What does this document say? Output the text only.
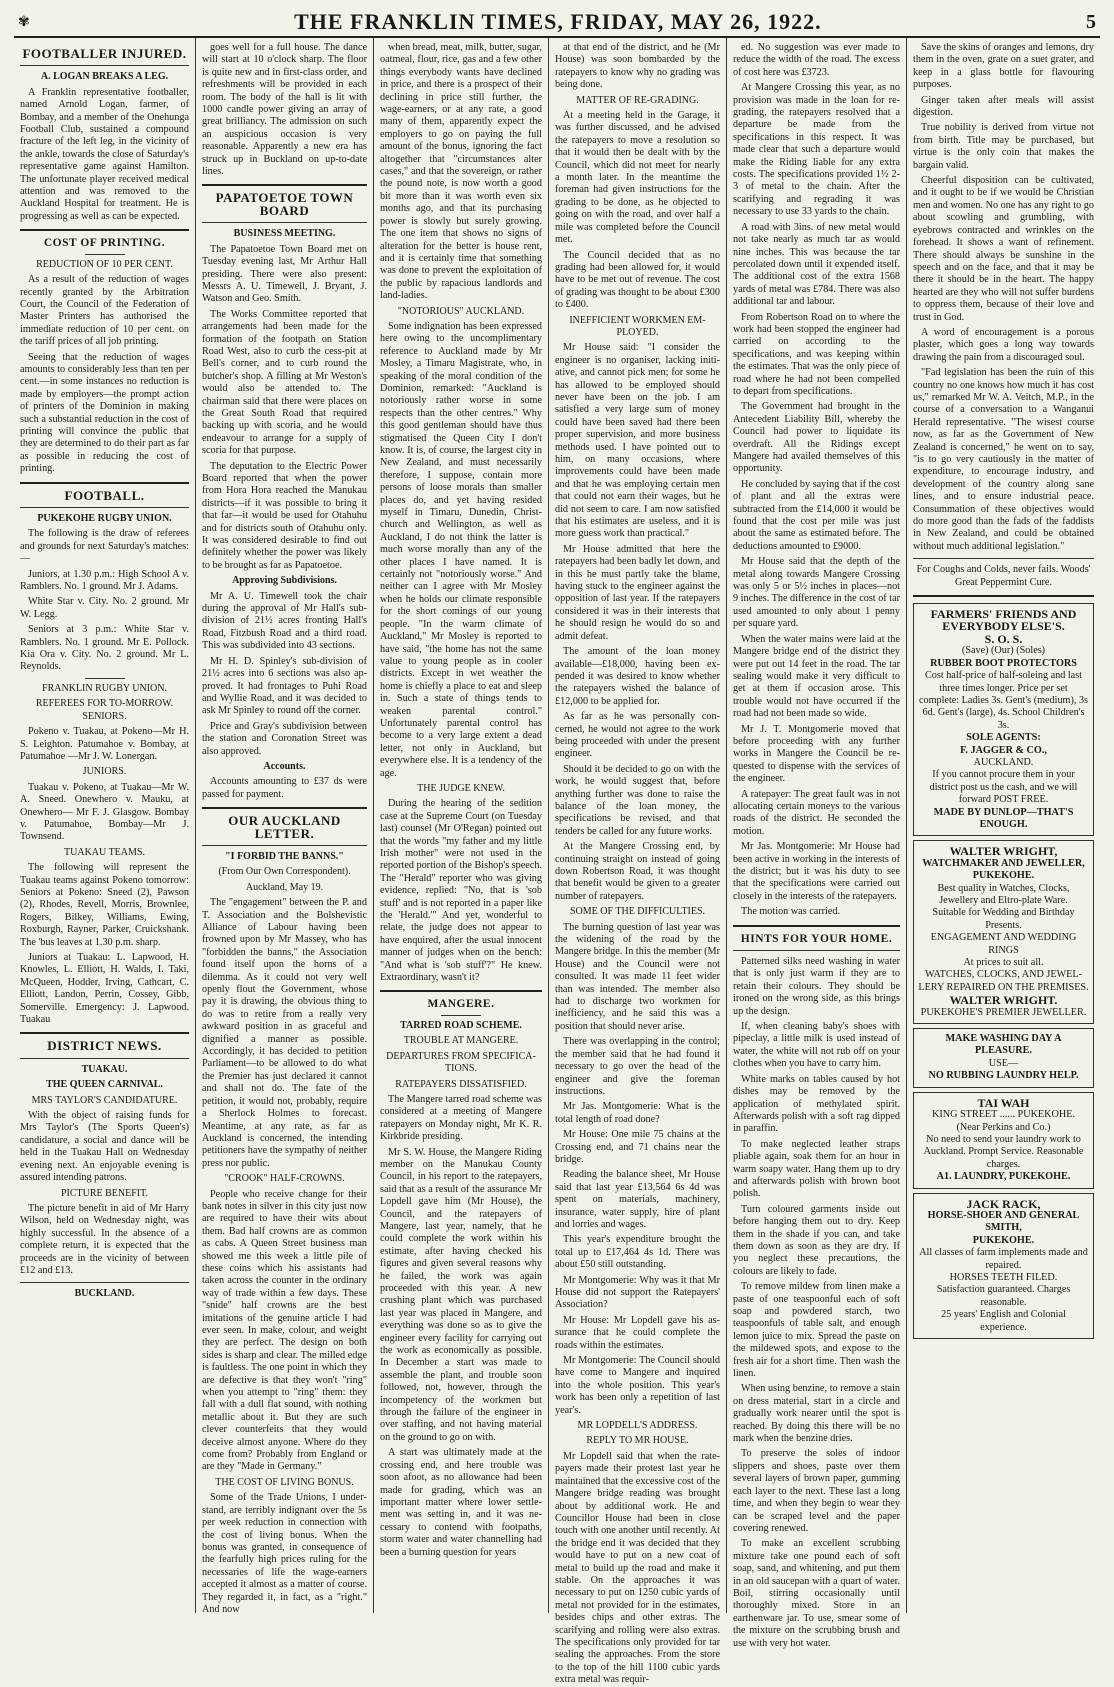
✾	THE FRANKLIN TIMES, FRIDAY, MAY 26, 1922.	5
FOOTBALLER INJURED.
A. LOGAN BREAKS A LEG.

A Franklin representative footballer, named Arnold Logan, farmer, of Bombay, and a member of the Onehunga Football Club, sustained a compound fracture of the left leg, in the vicinity of the ankle, towards the close of Saturday's representative game against Hamilton. The unfortunate player received medical attention and was removed to the Auckland Hospital for treatment. He is progressing as well as can be expected.

COST OF PRINTING.
REDUCTION OF 10 PER CENT.

As a result of the reduction of wages recently granted by the Arbitration Court, the Council of the Federation of Master Printers has authorised the immediate reduction of 10 per cent. on the tariff prices of all job printing.

Seeing that the reduction of wages amounts to considerably less than ten per cent.—in some instances no reduction is made by employers—the prompt action of printers of the Dominion in making such a substantial reduction in the cost of printing will convince the public that they are determined to do their part as far as possible in reducing the cost of printing.

FOOTBALL.
PUKEKOHE RUGBY UNION.

The following is the draw of referees and grounds for next Saturday's matches:—

Juniors, at 1.30 p.m.: High School A v. Ramblers. No. 1 ground. Mr J. Adams.

White Star v. City. No. 2 ground. Mr W. Legg.

Seniors at 3 p.m.: White Star v. Ramblers. No. 1 ground. Mr E. Pollock. Kia Ora v. City. No. 2 ground. Mr L. Reynolds.

FRANKLIN RUGBY UNION.
REFEREES FOR TO-MORROW. SENIORS.

Pokeno v. Tuakau, at Pokeno—Mr H. S. Leighton. Patumahoe v. Bombay, at Patumahoe —Mr J. W. Lonergan.

JUNIORS.

Tuakau v. Pokeno, at Tuakau—Mr W. A. Sneed. Onewhero v. Mauku, at Onewhero— Mr F. J. Glasgow. Bombay v. Patumahoe, Bombay—Mr J. Townsend.

TUAKAU TEAMS.

The following will represent the Tuakau teams against Pokeno tomorrow: Seniors at Pokeno: Sneed (2), Pawson (2), Rhodes, Revell, Morris, Brownlee, Rogers, Bilkey, Williams, Ewing, Roxburgh, Rayner, Parker, Cruickshank. The 'bus leaves at 1.30 p.m. sharp.

Juniors at Tuakau: L. Lapwood, H. Knowles, L. Elliott, H. Walds, I. Taki, McQueen, Hodder, Irving, Cathcart, C. Elliott, Landon, Perrin, Cossey, Gibb, Somerville. Emergency: J. Lapwood. Tuakau

DISTRICT NEWS.
TUAKAU.
THE QUEEN CARNIVAL.
MRS TAYLOR'S CANDIDATURE.

With the object of raising funds for Mrs Taylor's (The Sports Queen's) candidature, a social and dance will be held in the Tuakau Hall on Wednesday evening next. An enjoyable evening is assured intending patrons.

PICTURE BENEFIT.

The picture benefit in aid of Mr Harry Wilson, held on Wednesday night, was highly successful. In the absence of a complete return, it is expected that the proceeds are in the vicinity of between £12 and £13.

BUCKLAND.

goes well for a full house. The dance will start at 10 o'clock sharp. The floor is quite new and in first-class order, and refreshments will be provided in each room. The body of the hall is lit with 1000 candle power giving an array of great brilliancy. The admission on such an auspicious occasion is very reasonable. Apparently a new era has struck up in Buckland on up-to-date lines.

PAPATOETOE TOWN BOARD
BUSINESS MEETING.

The Papatoetoe Town Board met on Tuesday evening last, Mr Arthur Hall presiding. There were also present: Messrs A. U. Timewell, J. Bryant, J. Watson and Geo. Smith.

The Works Committee reported that arrangements had been made for the formation of the footpath on Station Road West, also to curb the cess-pit at Bell's corner, and to curb round the butcher's shop. A filling at Mr Weston's would also be attended to. The chairman said that there were places on the Great South Road that required backing up with scoria, and he would endeavour to arrange for a supply of scoria for that purpose.

The deputation to the Electric Power Board reported that when the power from Hora Hora reached the Manukau districts—if it was possible to bring it that far—it would be used for Otahuhu and for districts south of Otahuhu only. It was considered desirable to find out definitely whether the power was likely to be brought as far as Papatoetoe.

Approving Subdivisions.

Mr A. U. Timewell took the chair during the approval of Mr Hall's subdivision of 21½ acres fronting Hall's Road, Fitzbush Road and a third road. This was subdivided into 43 sections.

Mr H. D. Spinley's sub-division of 21½ acres into 6 sections was also approved. It had frontages to Puhi Road and Wyllie Road, and it was decided to ask Mr Spinley to round off the corner.

Price and Gray's subdivision between the station and Coronation Street was also approved.

Accounts.

Accounts amounting to £37 ds were passed for payment.

OUR AUCKLAND LETTER.
"I FORBID THE BANNS."
(From Our Own Correspondent).
Auckland, May 19.

The "engagement" between the P. and T. Association and the Bolshevistic Alliance of Labour having been frowned upon by Mr Massey, who has "forbidden the banns," the Association found itself upon the horns of a dilemma. As it could not very well openly flout the Government, whose pay it is drawing, the obvious thing to do was to retire from a really very awkward position in as graceful and dignified a manner as possible. Accordingly, it has decided to petition Parliament—to be allowed to do what the Premier has just declared it cannot and shall not do. The fate of the petition, it would not, probably, require a Sherlock Holmes to forecast. Meantime, at any rate, as far as Auckland is concerned, the intending petitioners have the sympathy of neither press nor public.

"CROOK" HALF-CROWNS.

People who receive change for their bank notes in silver in this city just now are required to have their wits about them. Bad half crowns are as common as cabs. A Queen Street business man showed me this week a little pile of these coins which his assistants had taken across the counter in the ordinary way of trade within a few days. These "snide" half crowns are the best imitations of the genuine article I had ever seen. In make, colour, and weight they are perfect. The design on both sides is sharp and clear. The milled edge is faultless. The one point in which they are defective is that they won't "ring" when you attempt to "ring" them: they fall with a dull flat sound, with nothing metallic about it. But they are such clever counterfeits that they would deceive almost anyone. Where do they come from? Probably from England or are they "Made in Germany."

THE COST OF LIVING BONUS.

Some of the Trade Unions, I understand, are terribly indignant over the 5s per week reduction in connection with the cost of living bonus. When the bonus was granted, in consequence of the fearfully high prices ruling for the necessaries of life the wage-earners accepted it almost as a matter of course. They regarded it, in fact, as a "right." And now

when bread, meat, milk, butter, sugar, oatmeal, flour, rice, gas and a few other things everybody wants have declined in price, and there is a prospect of their declining in price still further, the wage-earners, or at any rate, a good many of them, apparently expect the employers to go on paying the full amount of the bonus, ignoring the fact altogether that "circumstances alter cases," and that the sovereign, or rather the pound note, is now worth a good bit more than it was worth even six months ago, and that its purchasing power is slowly but surely growing. The one item that shows no signs of alteration for the better is house rent, and it is certainly time that something was done to prevent the exploitation of the public by rapacious landlords and land-ladies.

"NOTORIOUS" AUCKLAND.

Some indignation has been expressed here owing to the uncomplimentary reference to Auckland made by Mr Mosley, a Timaru Magistrate, who, in speaking of the moral condition of the Dominion, remarked: "Auckland is notoriously rather worse in some respects than the other centres." Why this good gentleman should have thus stigmatised the Queen City I don't know. It is, of course, the largest city in New Zealand, and must necessarily therefore, I suppose, contain more persons of loose morals than smaller places do, and yet having resided myself in Timaru, Dunedin, Christchurch and Wellington, as well as Auckland, I do not think the latter is much worse morally than any of the other places I have named. It is certainly not "notoriously worse." And neither can I agree with Mr Mosley when he holds our climate responsible for the short comings of our young people. "In the warm climate of Auckland," Mr Mosley is reported to have said, "the home has not the same value to young people as in cooler districts. Except in wet weather the home is chiefly a place to eat and sleep in. Such a state of things tends to weaken parental control." Unfortunately parental control has become to a very large extent a dead letter, not only in Auckland, but everywhere else. It is a tendency of the age.

THE JUDGE KNEW.

During the hearing of the sedition case at the Supreme Court (on Tuesday last) counsel (Mr O'Regan) pointed out that the words "my father and my little Irish mother" were not used in the reported portion of the Bishop's speech. The "Herald" reporter who was giving evidence, replied: "No, that is 'sob stuff' and is not reported in a paper like the 'Herald.'" And yet, wonderful to relate, the judge does not appear to have enquired, after the usual innocent manner of judges when on the bench: "And what is 'sob stuff'?" He knew. Extraordinary, wasn't it?

MANGERE.
TARRED ROAD SCHEME.
TROUBLE AT MANGERE.
DEPARTURES FROM SPECIFICATIONS.
RATEPAYERS DISSATISFIED.

The Mangere tarred road scheme was considered at a meeting of Mangere ratepayers on Monday night, Mr K. R. Kirkbride presiding.

Mr S. W. House, the Mangere Riding member on the Manukau County Council, in his report to the ratepayers, said that as a result of the assurance Mr Lopdell gave him (Mr House), the Council, and the ratepayers of Mangere, last year, namely, that he could complete the work within his estimate, after having checked his figures and given several reasons why he failed, the work was again proceeded with this year. A new crushing plant which was purchased last year was placed in Mangere, and everything was done so as to give the engineer every facility for carrying out the work as economically as possible. In December a start was made to assemble the plant, and trouble soon followed, not, however, through the incompetency of the workmen but through the failure of the engineer in over staffing, and not having material on the ground to go on with.

A start was ultimately made at the crossing end, and here trouble was soon afoot, as no allowance had been made for grading, which was an important matter where lower settlement was setting in, and it was necessary to contend with footpaths, storm water and water channelling had been a burning question for years

at that end of the district, and he (Mr House) was soon bombarded by the ratepayers to know why no grading was being done.

MATTER OF RE-GRADING.

At a meeting held in the Garage, it was further discussed, and he advised the ratepayers to move a resolution so that it would then be dealt with by the Council, which did not meet for nearly a month later. In the meantime the foreman had given instructions for the grading to be done, as he objected to going on with the road, and over half a mile was completed before the Council met.

The Council decided that as no grading had been allowed for, it would have to be met out of revenue. The cost of grading was thought to be about £300 to £400.

INEFFICIENT WORKMEN EMPLOYED.

Mr House said: "I consider the engineer is no organiser, lacking initiative, and cannot pick men; for some he has allowed to be employed should never have been on the job. I am satisfied a very large sum of money could have been saved had there been proper supervision, and more business methods used. I have pointed out to him, on many occasions, where improvements could have been made and that he was employing certain men that could not earn their wages, but he did not seem to care. I am now satisfied that his estimates are useless, and it is more guess work than practical."

Mr House admitted that here the ratepayers had been badly let down, and in this he must partly take the blame, having stuck to the engineer against the opposition of last year. If the ratepayers considered it was in their interests that he should resign he would do so and admit defeat.

The amount of the loan money available—£18,000, having been expended it was desired to know whether the ratepayers wished the balance of £12,000 to be applied for.

As far as he was personally concerned, he would not agree to the work being proceeded with under the present engineer.

Should it be decided to go on with the work, he would suggest that, before anything further was done to raise the balance of the loan money, the specifications be revised, and that tenders be called for any future works.

At the Mangere Crossing end, by continuing straight on instead of going down Robertson Road, it was thought that benefit would be given to a greater number of ratepayers.

SOME OF THE DIFFICULTIES.

The burning question of last year was the widening of the road by the Mangere bridge. In this the member (Mr House) and the Council were not consulted. It was made 11 feet wider than was intended. The member also had to discharge two workmen for inefficiency, and he said this was a position that should never arise.

There was overlapping in the control; the member said that he had found it necessary to go over the head of the engineer and give the foreman instructions.

Mr Jas. Montgomerie: What is the total length of road done?

Mr House: One mile 75 chains at the Crossing end, and 71 chains near the bridge.

Reading the balance sheet, Mr House said that last year £13,564 6s 4d was spent on materials, machinery, insurance, water supply, hire of plant and lorries and wages.

This year's expenditure brought the total up to £17,464 4s 1d. There was about £50 still outstanding.

Mr Montgomerie: Why was it that Mr House did not support the Ratepayers' Association?

Mr House: Mr Lopdell gave his assurance that he could complete the roads within the estimates.

Mr Montgomerie: The Council should have come to Mangere and inquired into the whole position. This year's work has been only a repetition of last year's.

MR LOPDELL'S ADDRESS.
REPLY TO MR HOUSE.

Mr Lopdell said that when the ratepayers made their protest last year he maintained that the excessive cost of the Mangere bridge reading was brought about by additional work. He and Councillor House had been in close touch with one another until recently. At the bridge end it was decided that they would have to put on a new coat of metal to build up the road and make it stable. On the approaches it was necessary to put on 1250 cubic yards of metal not provided for in the estimates, besides chips and other extras. The scarifying and rolling were also extras. The specifications only provided for tar sealing the approaches. From the store to the top of the hill 1100 cubic yards extra metal was requir-

ed. No suggestion was ever made to reduce the width of the road. The excess of cost here was £3723.

At Mangere Crossing this year, as no provision was made in the loan for re-grading, the ratepayers resolved that a departure be made from the specifications in this respect. It was made clear that such a departure would make the Riding liable for any extra costs. The specifications provided 1½ 2-3 of metal to the chain. After the scarifying and regrading it was necessary to use 33 yards to the chain.

A road with 3ins. of new metal would not take nearly as much tar as would nine inches. This was because the tar percolated down until it expended itself. The additional cost of the extra 1568 yards of metal was £784. There was also additional tar and labour.

From Robertson Road on to where the work had been stopped the engineer had carried on according to the specifications, and was keeping within the estimates. That was the only piece of road where he had not been compelled to depart from specifications.

The Government had brought in the Antecedent Liability Bill, whereby the Council had power to liquidate its overdraft. All the Ridings except Mangere had availed themselves of this opportunity.

He concluded by saying that if the cost of plant and all the extras were subtracted from the £14,000 it would be found that the cost per mile was just about the same as estimated before. The deductions amounted to £9000.

Mr House said that the depth of the metal along towards Mangere Crossing was only 5 or 5½ inches in places—not 9 inches. The difference in the cost of tar used amounted to only about 1 penny per square yard.

When the water mains were laid at the Mangere bridge end of the district they were put out 14 feet in the road. The tar sealing would make it very difficult to get at them if occasion arose. This trouble would not have occurred if the road had not been made so wide.

Mr J. T. Montgomerie moved that before proceeding with any further works in Mangere the Council be requested to dispense with the services of the engineer.

A ratepayer: The great fault was in not allocating certain moneys to the various roads of the district. He seconded the motion.

Mr Jas. Montgomerie: Mr House had been active in working in the interests of the district; but it was his duty to see that the specifications were carried out closely in the interests of the ratepayers.

The motion was carried.

HINTS FOR YOUR HOME.

Patterned silks need washing in water that is only just warm if they are to retain their colours. They should be ironed on the wrong side, as this brings up the design.

If, when cleaning baby's shoes with pipeclay, a little milk is used instead of water, the white will not rub off on your clothes when you have to carry him.

White marks on tables caused by hot dishes may be removed by the application of methylated spirit. Afterwards polish with a soft rag dipped in paraffin.

To make neglected leather straps pliable again, soak them for an hour in warm soapy water. Hang them up to dry and afterwards polish with brown boot polish.

Turn coloured garments inside out before hanging them out to dry. Keep them in the shade if you can, and take them down as soon as they are dry. If you neglect these precautions, the colours are likely to fade.

To remove mildew from linen make a paste of one teaspoonful each of soft soap and powdered starch, two teaspoonfuls of table salt, and enough lemon juice to mix. Spread the paste on the mildewed spots, and expose to the fresh air for a short time. Then wash the linen.

When using benzine, to remove a stain on dress material, start in a circle and gradually work nearer until the spot is reached. By doing this there will be no mark when the benzine dries.

To preserve the soles of indoor slippers and shoes, paste over them several layers of brown paper, gumming each layer to the next. These last a long time, and when they begin to wear they can be scraped level and the paper covering renewed.

To make an excellent scrubbing mixture take one pound each of soft soap, sand, and whitening, and put them in an old saucepan with a quart of water. Boil, stirring occasionally until thoroughly mixed. Store in an earthenware jar. To use, smear some of the mixture on the scrubbing brush and use with very hot water.

Save the skins of oranges and lemons, dry them in the oven, grate on a suet grater, and keep in a glass bottle for flavouring purposes.

Ginger taken after meals will assist digestion.

True nobility is derived from virtue not from birth. Title may be purchased, but virtue is the only coin that makes the bargain valid.

Cheerful disposition can be cultivated, and it ought to be if we would be Christian men and women. No one has any right to go about scowling and grumbling, with eyebrows contracted and wrinkles on the forehead. It shows a want of refinement. There should always be sunshine in the speech and on the face, and that it may be there it should be in the heart. The happy hearted are they who will not suffer burdens to oppress them, because of their love and trust in God.

A word of encouragement is a porous plaster, which goes a long way towards drawing the pain from a discouraged soul.

"Fad legislation has been the ruin of this country no one knows how much it has cost us," remarked Mr W. A. Veitch, M.P., in the course of a conversation to a Wanganui Herald representative. "The wisest course now, as far as the Government of New Zealand is concerned," he went on to say, "is to go very cautiously in the matter of expenditure, to encourage industry, and development of the country along sane lines, and to ensure industrial peace. Consummation of these objectives would do more good than the fads of the faddists in New Zealand, and could be obtained without much additional legislation."

For Coughs and Colds, never fails. Woods' Great Peppermint Cure.

FARMERS' FRIENDS AND EVERYBODY ELSE'S.
S. O. S.
(Save) (Our) (Soles)
RUBBER BOOT PROTECTORS
Cost half-price of half-soleing and last three times longer. Price per set complete: Ladies 3s. Gent's (medium), 3s 6d. Gent's (large), 4s. School Children's 3s.
SOLE AGENTS:
F. JAGGER & CO.,
AUCKLAND.
If you cannot procure them in your district post us the cash, and we will forward POST FREE.
MADE BY DUNLOP—THAT'S ENOUGH.
WALTER WRIGHT,
WATCHMAKER AND JEWELLER,
PUKEKOHE.
Best quality in Watches, Clocks, Jewellery and Eltro-plate Ware.
Suitable for Wedding and Birthday Presents.
ENGAGEMENT AND WEDDING RINGS
At prices to suit all.
WATCHES, CLOCKS, AND JEWELLERY REPAIRED ON THE PREMISES.
WALTER WRIGHT.
PUKEKOHE'S PREMIER JEWELLER.
MAKE WASHING DAY A PLEASURE.
USE—
NO RUBBING LAUNDRY HELP.
TAI WAH
KING STREET ...... PUKEKOHE.
(Near Perkins and Co.)
No need to send your laundry work to Auckland. Prompt Service. Reasonable charges.
A1. LAUNDRY, PUKEKOHE.
JACK RACK,
HORSE-SHOER AND GENERAL SMITH,
PUKEKOHE.
All classes of farm implements made and repaired.
HORSES TEETH FILED.
Satisfaction guaranteed. Charges reasonable.
25 years' English and Colonial experience.
